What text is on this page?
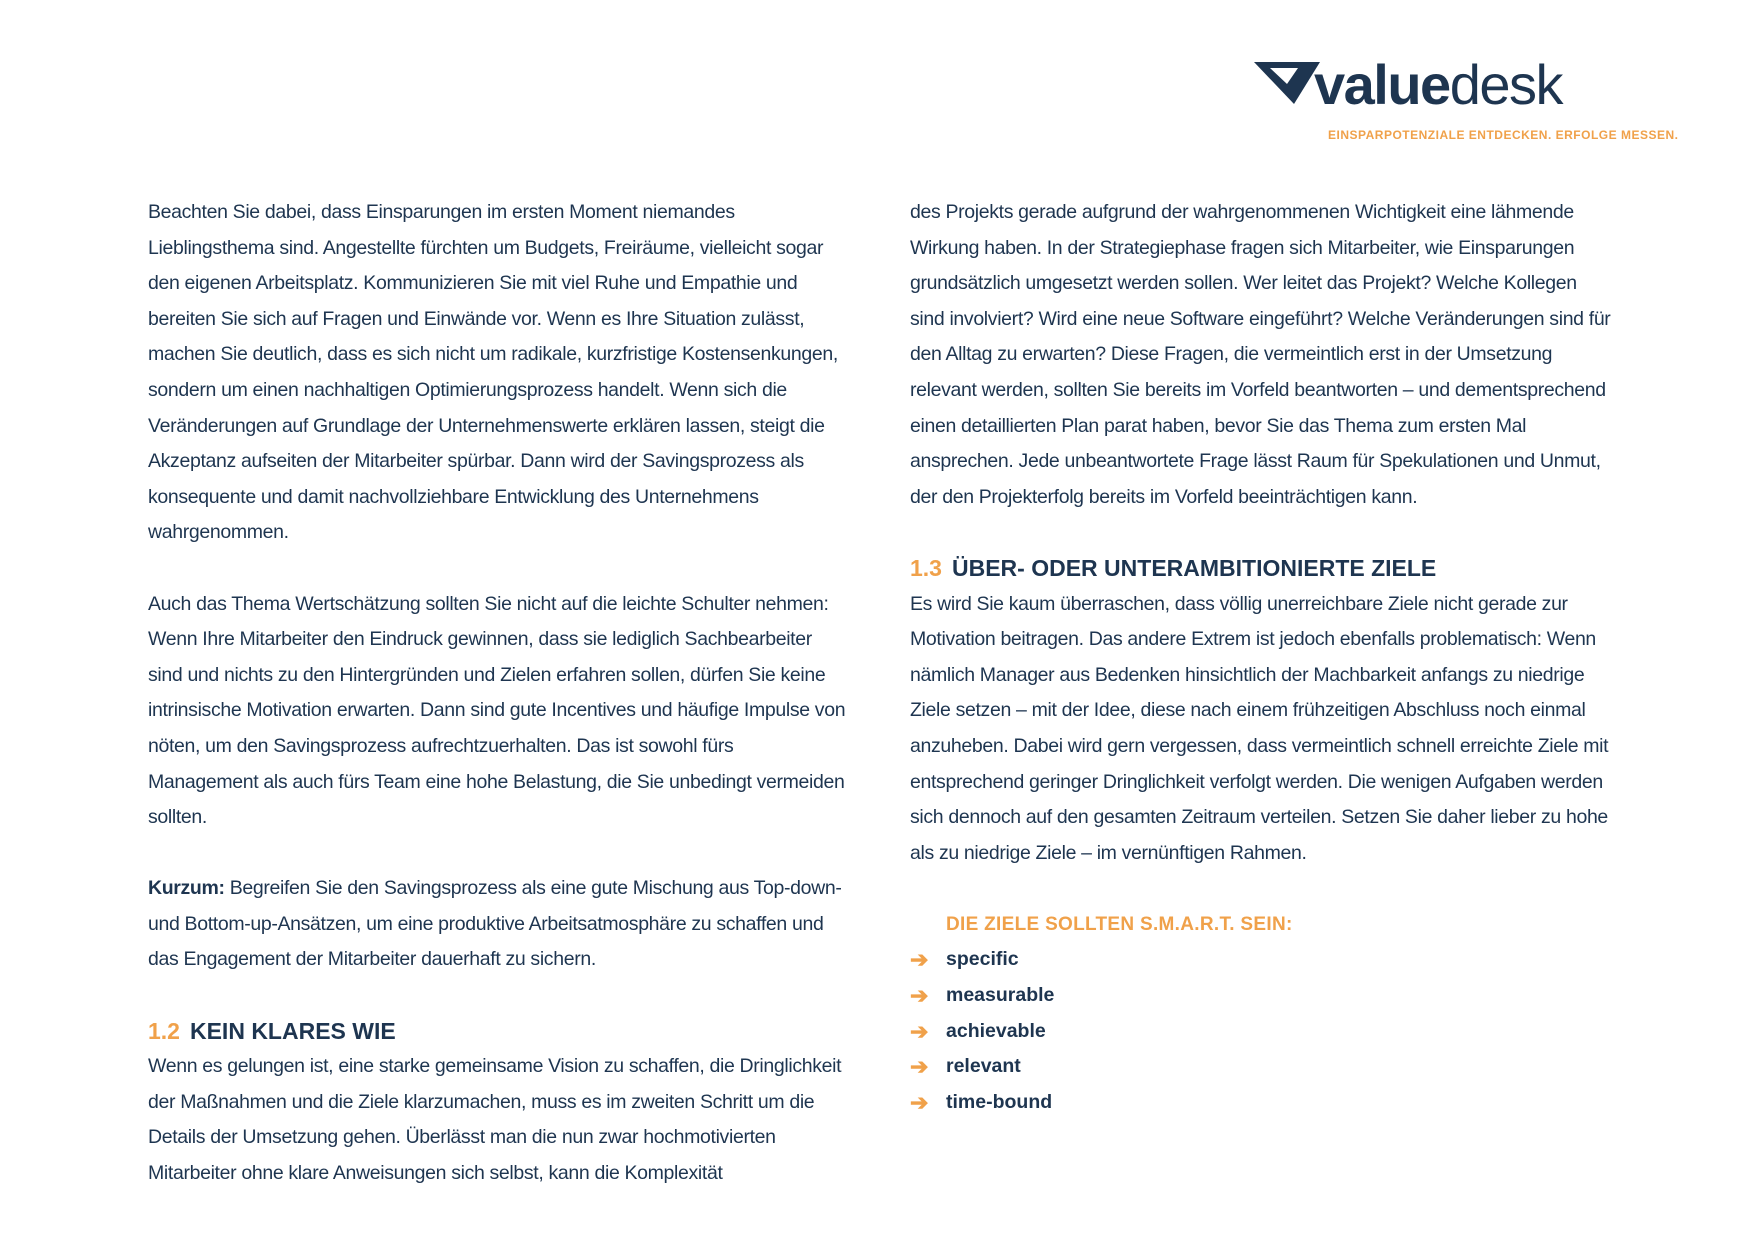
valuedesk
EINSPARPOTENZIALE ENTDECKEN. ERFOLGE MESSEN.

Beachten Sie dabei, dass Einsparungen im ersten Moment niemandes Lieblingsthema sind. Angestellte fürchten um Budgets, Freiräume, vielleicht sogar den eigenen Arbeitsplatz. Kommunizieren Sie mit viel Ruhe und Empathie und bereiten Sie sich auf Fragen und Einwände vor. Wenn es Ihre Situation zulässt, machen Sie deutlich, dass es sich nicht um radikale, kurzfristige Kostensenkungen, sondern um einen nachhaltigen Optimierungsprozess handelt. Wenn sich die Veränderungen auf Grundlage der Unternehmenswerte erklären lassen, steigt die Akzeptanz aufseiten der Mitarbeiter spürbar. Dann wird der Savingsprozess als konsequente und damit nachvollziehbare Entwicklung des Unternehmens wahrgenommen.

Auch das Thema Wertschätzung sollten Sie nicht auf die leichte Schulter nehmen: Wenn Ihre Mitarbeiter den Eindruck gewinnen, dass sie lediglich Sachbearbeiter sind und nichts zu den Hintergründen und Zielen erfahren sollen, dürfen Sie keine intrinsische Motivation erwarten. Dann sind gute Incentives und häufige Impulse von nöten, um den Savingsprozess aufrechtzuerhalten. Das ist sowohl fürs Management als auch fürs Team eine hohe Belastung, die Sie unbedingt vermeiden sollten.

Kurzum: Begreifen Sie den Savingsprozess als eine gute Mischung aus Top-down- und Bottom-up-Ansätzen, um eine produktive Arbeitsatmosphäre zu schaffen und das Engagement der Mitarbeiter dauerhaft zu sichern.

1.2 KEIN KLARES WIE

Wenn es gelungen ist, eine starke gemeinsame Vision zu schaffen, die Dringlichkeit der Maßnahmen und die Ziele klarzumachen, muss es im zweiten Schritt um die Details der Umsetzung gehen. Überlässt man die nun zwar hochmotivierten Mitarbeiter ohne klare Anweisungen sich selbst, kann die Komplexität

des Projekts gerade aufgrund der wahrgenommenen Wichtigkeit eine lähmende Wirkung haben. In der Strategiephase fragen sich Mitarbeiter, wie Einsparungen grundsätzlich umgesetzt werden sollen. Wer leitet das Projekt? Welche Kollegen sind involviert? Wird eine neue Software eingeführt? Welche Veränderungen sind für den Alltag zu erwarten? Diese Fragen, die vermeintlich erst in der Umsetzung relevant werden, sollten Sie bereits im Vorfeld beantworten – und dementsprechend einen detaillierten Plan parat haben, bevor Sie das Thema zum ersten Mal ansprechen. Jede unbeantwortete Frage lässt Raum für Spekulationen und Unmut, der den Projekterfolg bereits im Vorfeld beeinträchtigen kann.

1.3 ÜBER- ODER UNTERAMBITIONIERTE ZIELE

Es wird Sie kaum überraschen, dass völlig unerreichbare Ziele nicht gerade zur Motivation beitragen. Das andere Extrem ist jedoch ebenfalls problematisch: Wenn nämlich Manager aus Bedenken hinsichtlich der Machbarkeit anfangs zu niedrige Ziele setzen – mit der Idee, diese nach einem frühzeitigen Abschluss noch einmal anzuheben. Dabei wird gern vergessen, dass vermeintlich schnell erreichte Ziele mit entsprechend geringer Dringlichkeit verfolgt werden. Die wenigen Aufgaben werden sich dennoch auf den gesamten Zeitraum verteilen. Setzen Sie daher lieber zu hohe als zu niedrige Ziele – im vernünftigen Rahmen.

DIE ZIELE SOLLTEN S.M.A.R.T. SEIN:
➔ specific
➔ measurable
➔ achievable
➔ relevant
➔ time-bound
